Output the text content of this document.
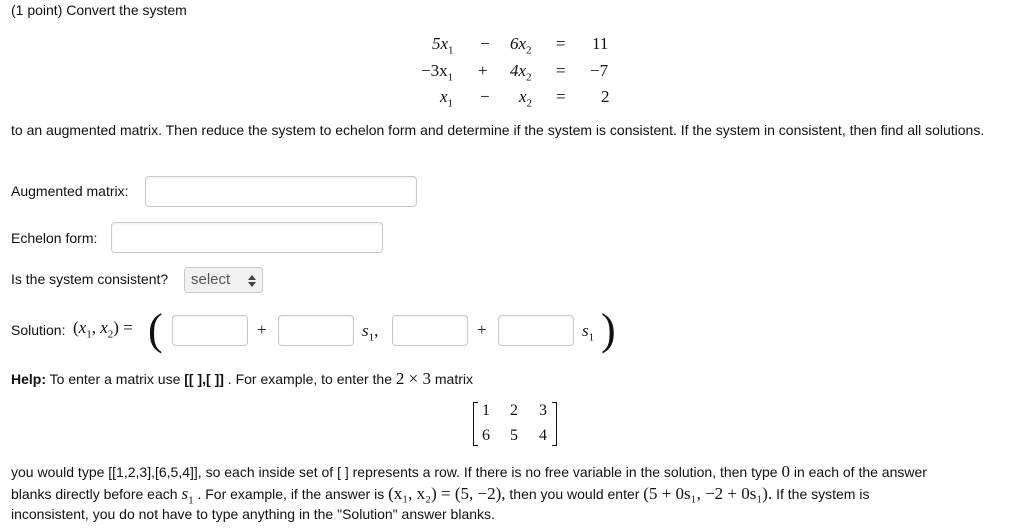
(1 point) Convert the system
$5x_1 - 6x_2 = 11$
$-3x_1 + 4x_2 = -7$
$x_1 - x_2 = 2$

to an augmented matrix. Then reduce the system to echelon form and determine if the system is consistent. If the system in consistent, then find all solutions.

Augmented matrix:
Echelon form:
Is the system consistent?	select
Solution: ($x_1$, $x_2$) = (	+	$s_1$,	+	$s_1$ )
Help: To enter a matrix use [[ ],[ ]] . For example, to enter the 2 × 3 matrix
1 2 3
6 5 4
you would type [[1,2,3],[6,5,4]], so each inside set of [ ] represents a row. If there is no free variable in the solution, then type 0 in each of the answer
blanks directly before each $s_1$ . For example, if the answer is (x₁, x₂) = (5, −2), then you would enter (5 + 0s₁, −2 + 0s₁). If the system is
inconsistent, you do not have to type anything in the "Solution" answer blanks.
